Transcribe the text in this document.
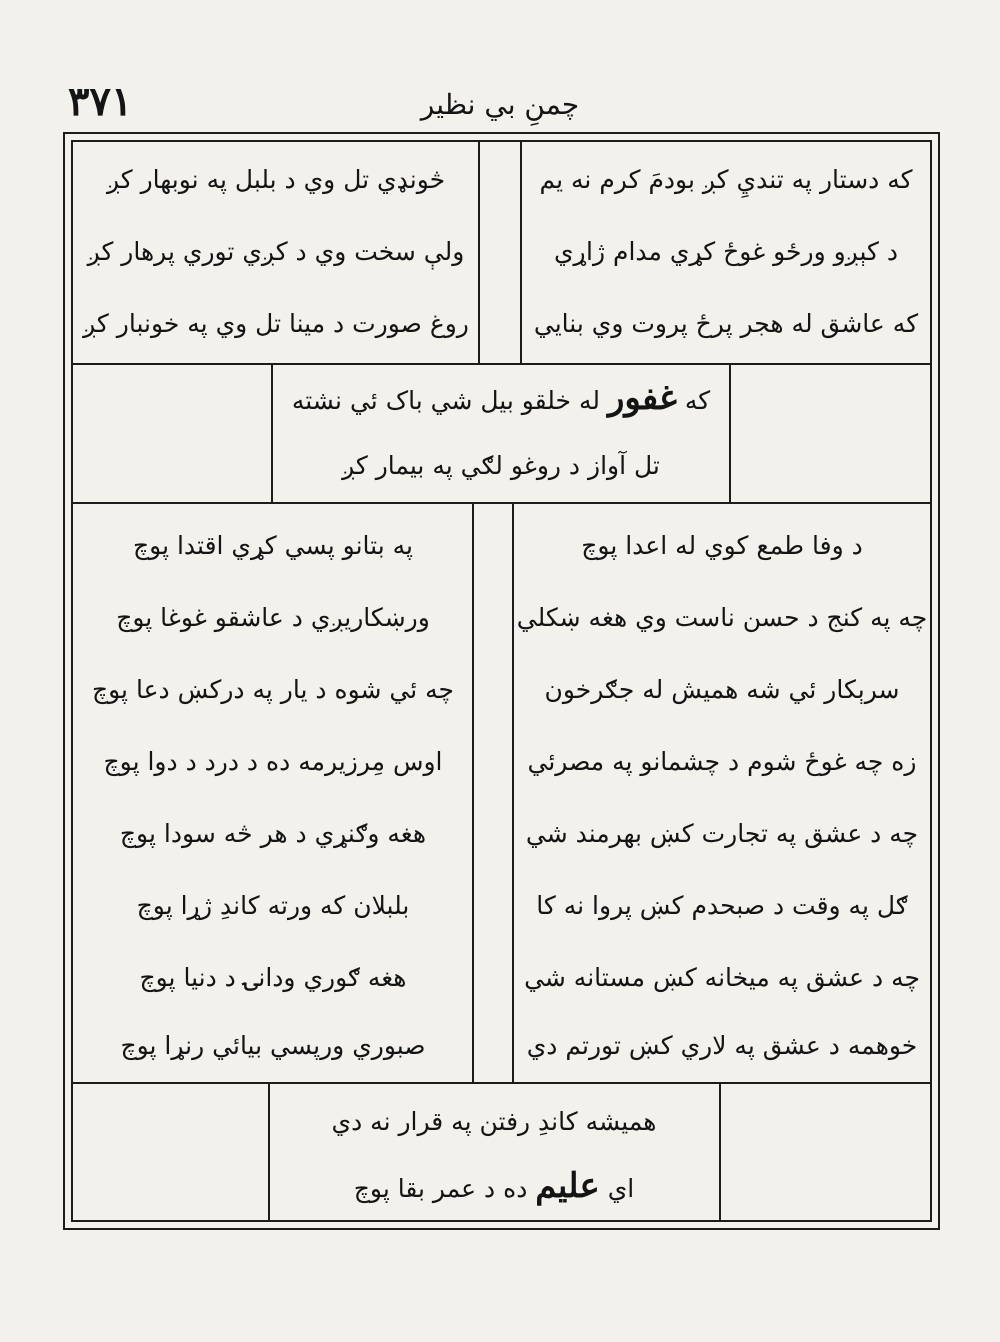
۳۷۱	چمنِ بي نظير
که دستار په تنديِ کږ بودمَ کرم نه يم
د کېږو ورځو غوځ کړي مدام ژاړي
که عاشق له هجر پرځ پروت وي بنايي
څونډي تل وي د بلبل په نوبهار کږ
ولې سخت وي د کږي توري پرهار کږ
روغ صورت د مينا تل وي په خونبار کږ
که غفور له خلقو بيل شي باک ئي نشته
تل آواز د روغو لګي په بيمار کږ
د وفا طمع کوي له اعدا پوچ
چه په کنج د حسن ناست وي هغه ښکلي
سرېکار ئي شه هميش له جګرخون
زه چه غوځ شوم د چشمانو په مصرئي
چه د عشق په تجارت کښ بهرمند شي
ګل په وقت د صبحدم کښ پروا نه کا
چه د عشق په ميخانه کښ مستانه شي
خوهمه د عشق په لاري کښ تورتم دي
په بتانو پسي کړي اقتدا پوچ
ورښکاريږي د عاشقو غوغا پوچ
چه ئي شوه د يار په درکښ دعا پوچ
اوس مِرزيرمه ده د درد د دوا پوچ
هغه وګنړي د هر څه سودا پوچ
بلبلان که ورته کاندِ ژړا پوچ
هغه ګوري ودانۍ د دنيا پوچ
صبوري ورپسي بيائي رنړا پوچ
هميشه کاندِ رفتن په قرار نه دي
اي عليم ده د عمر بقا پوچ
